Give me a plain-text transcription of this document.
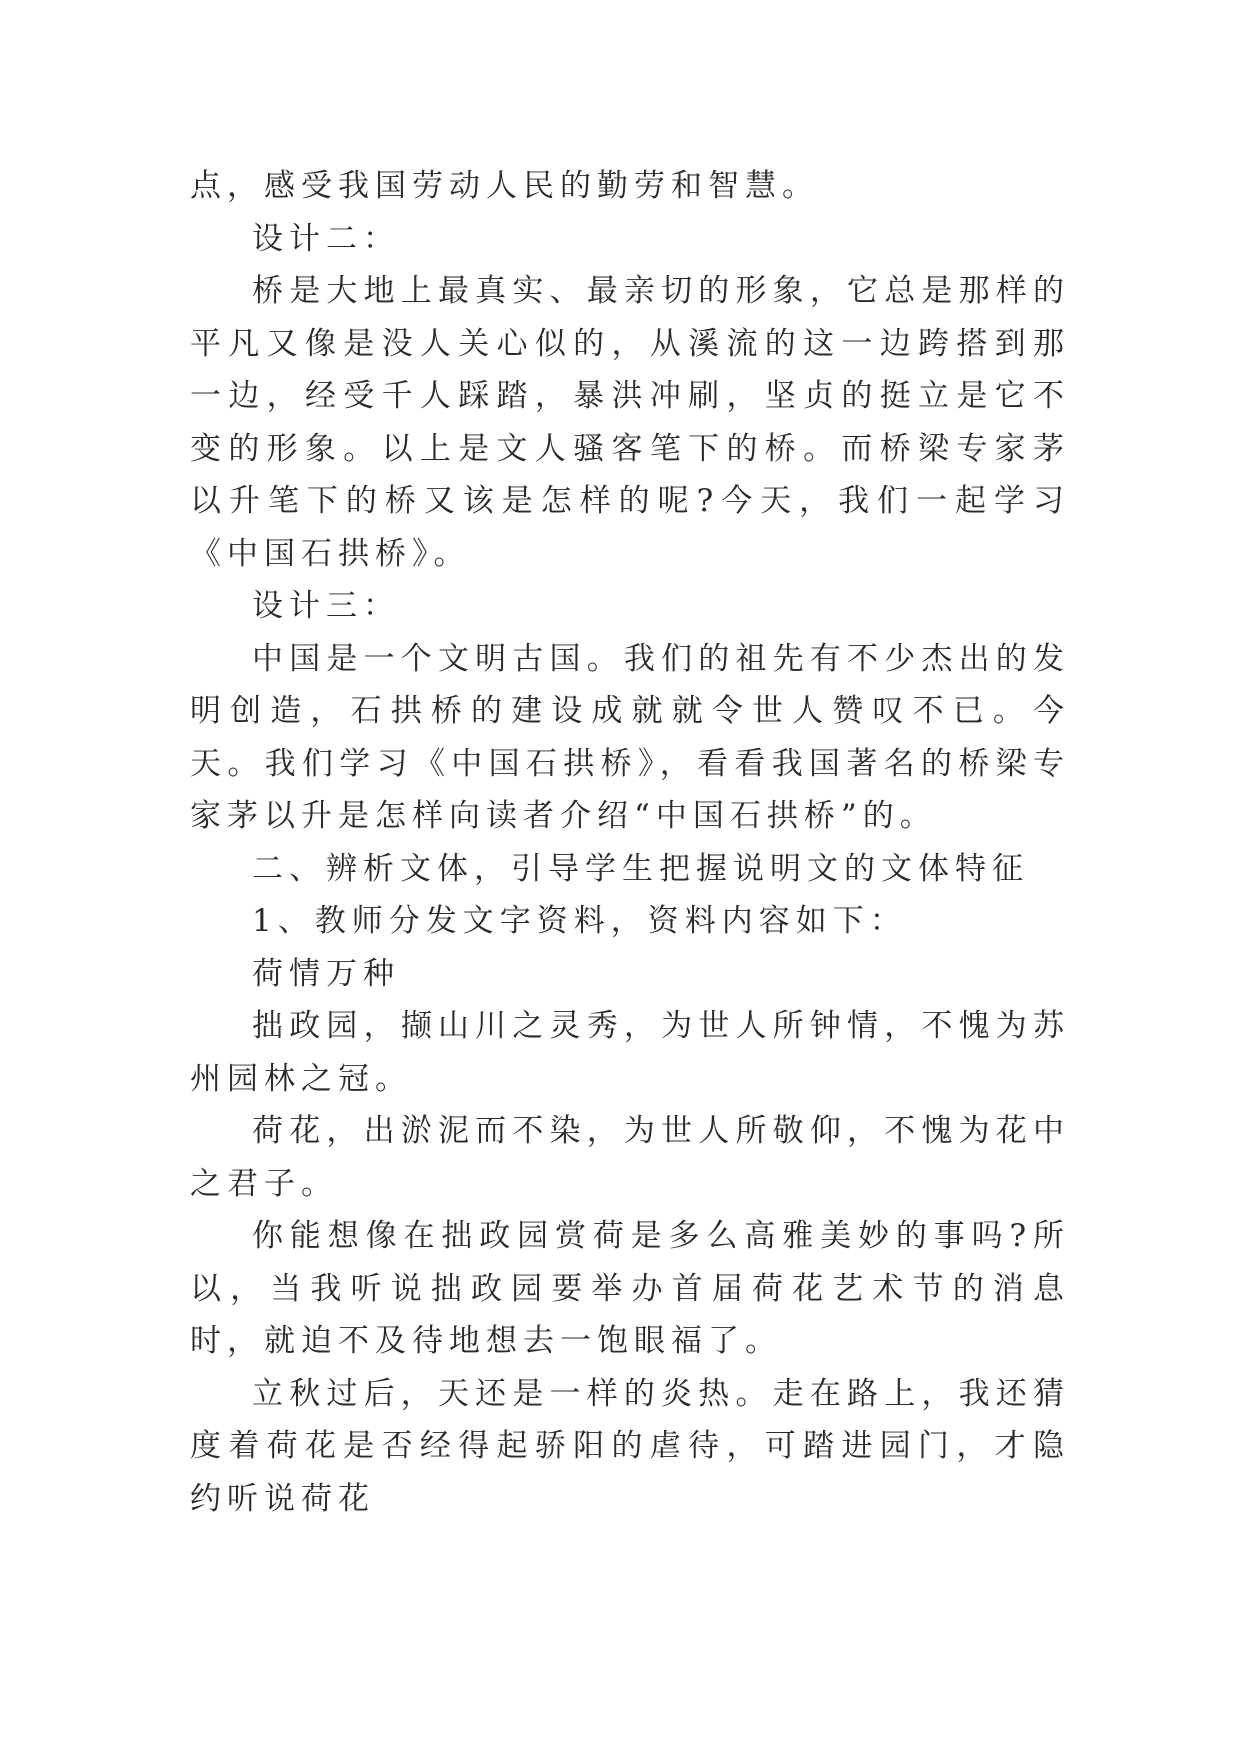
点，感受我国劳动人民的勤劳和智慧。

设计二：

桥是大地上最真实、最亲切的形象，它总是那样的平凡又像是没人关心似的，从溪流的这一边跨搭到那一边，经受千人踩踏，暴洪冲刷，坚贞的挺立是它不变的形象。以上是文人骚客笔下的桥。而桥梁专家茅以升笔下的桥又该是怎样的呢?今天，我们一起学习《中国石拱桥》。

设计三：

中国是一个文明古国。我们的祖先有不少杰出的发明创造，石拱桥的建设成就就令世人赞叹不已。今天。我们学习《中国石拱桥》，看看我国著名的桥梁专家茅以升是怎样向读者介绍“中国石拱桥”的。

二、辨析文体，引导学生把握说明文的文体特征

1、教师分发文字资料，资料内容如下：

荷情万种

拙政园，撷山川之灵秀，为世人所钟情，不愧为苏州园林之冠。

荷花，出淤泥而不染，为世人所敬仰，不愧为花中之君子。

你能想像在拙政园赏荷是多么高雅美妙的事吗?所以，当我听说拙政园要举办首届荷花艺术节的消息时，就迫不及待地想去一饱眼福了。

立秋过后，天还是一样的炎热。走在路上，我还猜度着荷花是否经得起骄阳的虐待，可踏进园门，才隐约听说荷花
